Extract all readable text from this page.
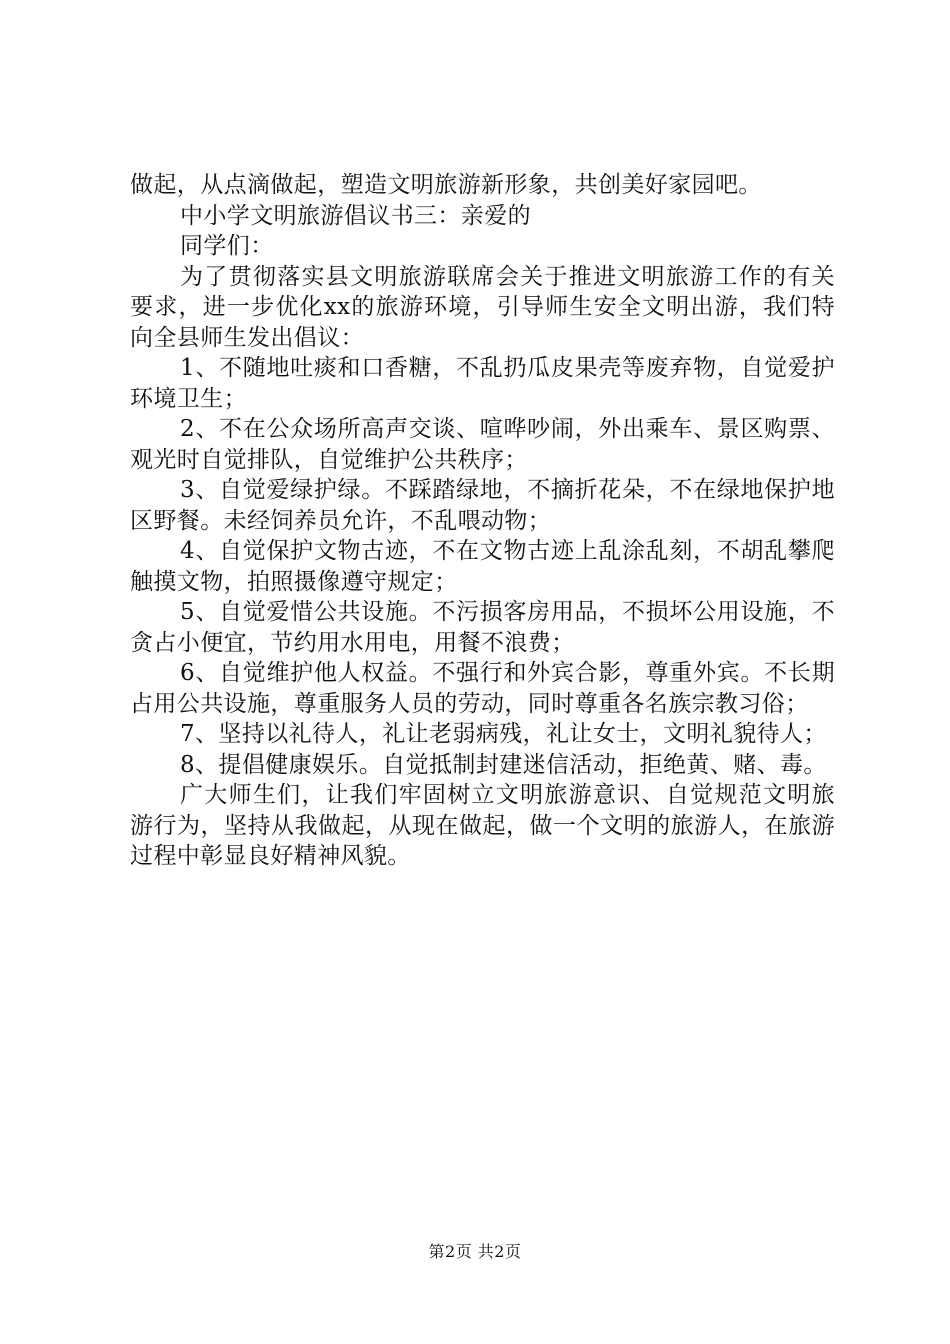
做起，从点滴做起，塑造文明旅游新形象，共创美好家园吧。

中小学文明旅游倡议书三：亲爱的

同学们：

为了贯彻落实县文明旅游联席会关于推进文明旅游工作的有关要求，进一步优化xx的旅游环境，引导师生安全文明出游，我们特向全县师生发出倡议：

1、不随地吐痰和口香糖，不乱扔瓜皮果壳等废弃物，自觉爱护环境卫生；

2、不在公众场所高声交谈、喧哗吵闹，外出乘车、景区购票、观光时自觉排队，自觉维护公共秩序；

3、自觉爱绿护绿。不踩踏绿地，不摘折花朵，不在绿地保护地区野餐。未经饲养员允许，不乱喂动物；

4、自觉保护文物古迹，不在文物古迹上乱涂乱刻，不胡乱攀爬触摸文物，拍照摄像遵守规定；

5、自觉爱惜公共设施。不污损客房用品，不损坏公用设施，不贪占小便宜，节约用水用电，用餐不浪费；

6、自觉维护他人权益。不强行和外宾合影，尊重外宾。不长期占用公共设施，尊重服务人员的劳动，同时尊重各名族宗教习俗；

7、坚持以礼待人，礼让老弱病残，礼让女士，文明礼貌待人；

8、提倡健康娱乐。自觉抵制封建迷信活动，拒绝黄、赌、毒。

广大师生们，让我们牢固树立文明旅游意识、自觉规范文明旅游行为，坚持从我做起，从现在做起，做一个文明的旅游人，在旅游过程中彰显良好精神风貌。

第2页 共2页
